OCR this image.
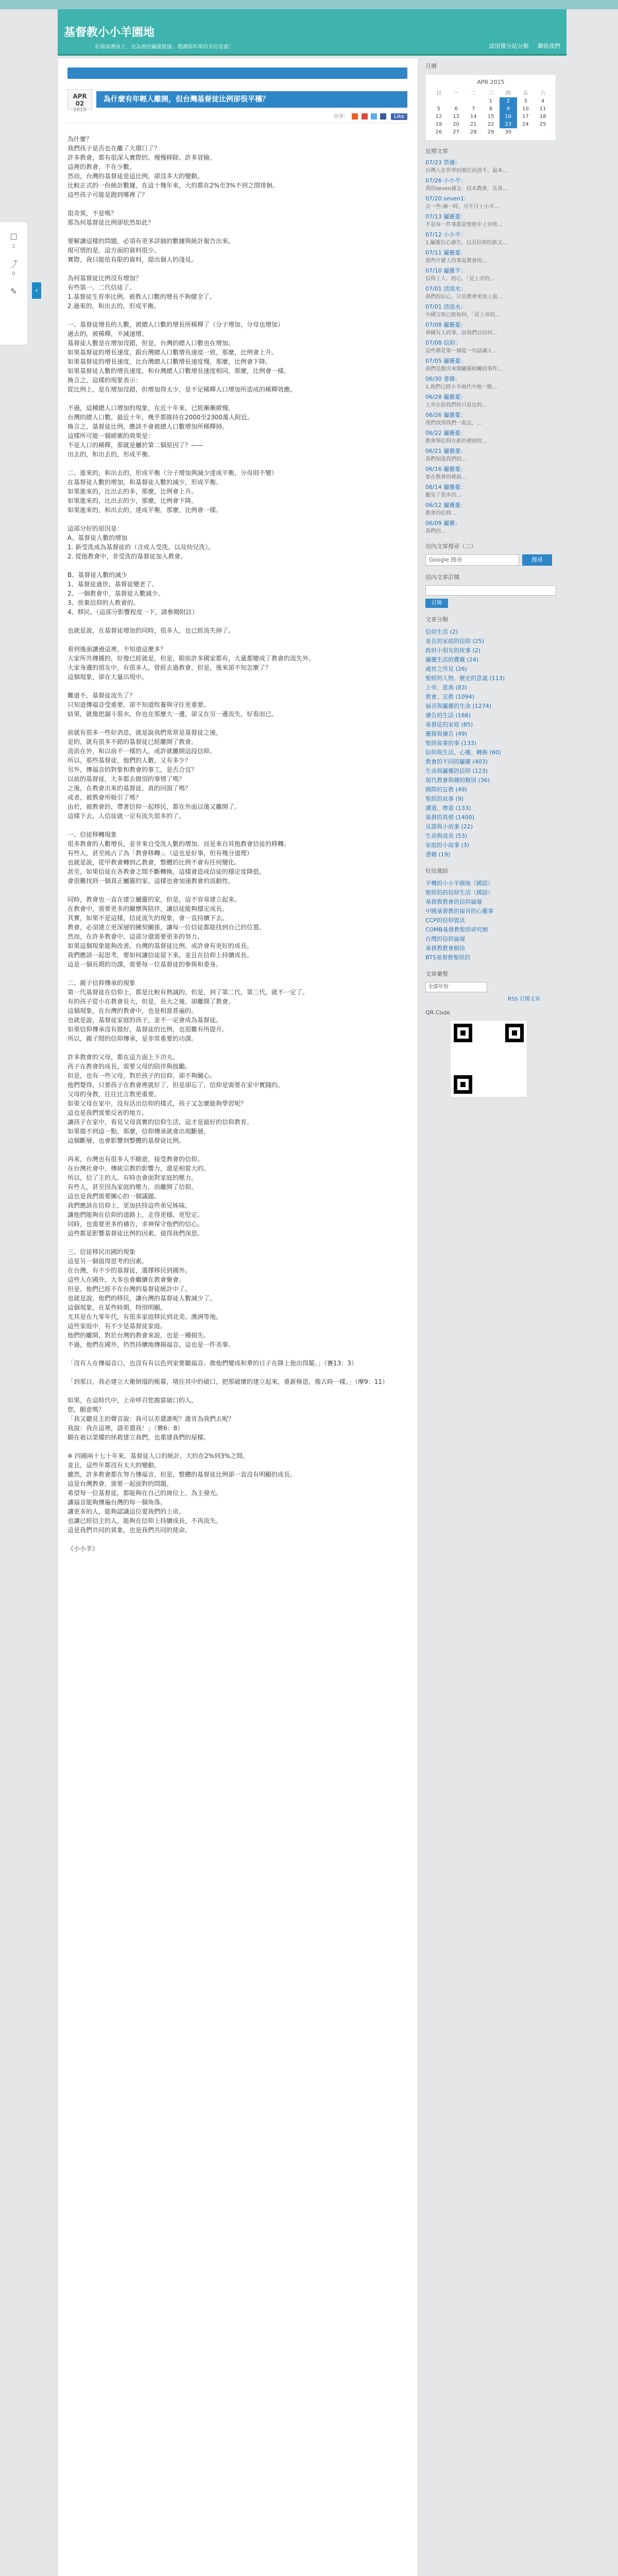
基督教小小羊園地
祈禱保護孩子，也為他的屬靈健康。禮讚耶和華的美好恩惠！	試用微分站分類 聯絡我們
☐
2
⤴
0
✎	‹
APR 02
2015
為什麼有年輕人離開，但台灣基督徒比例卻很平穩？
分享：	Like

為什麼？
我們孩子是否也在離了大環口了？
許多教會，都有很深入實際的、慢慢移除、許多冒險。
這裡的教會，不在少數。
然而，台灣的基督徒是這比例，卻沒多大的變動。
比較正式的一份統計數據，在這十幾年來，大約都在2%至3%不到之間徘徊。
這些孩子可能是跑到哪裡了？

很奇異，不是嗎？
那為何基督徒比例卻依然如此？

要解讀這樣的問題，必須有更多詳細的數據與統計報告出來。
現可惜的是，這方面的資料很少。
實際，我只能依有限的資料，提出個人的淺見。

為何基督徒比例沒有增加？
有些第一、二代信徒了。
1.基督徒生育率比例，被教人口數的增長不夠健全了。
2.過來的，和出去的，形成平衡。

一、基督徒增長的人數，被總人口數的增長所稀釋了（分子增加，分母也增加）
過去的，被稀釋，不減速增。
基督徒人數是在增加沒錯，但是，台灣的總人口數也在增加。
如果基督徒的增長速度，跟台灣總人口數增長速度一致，那麼，比例會上升。
如果基督徒的增長速度，比台灣總人口數增長速度慢，那麼，比例會下降。
如果基督徒人數的增長速度，和台灣總人口數增長速度相同，那麼，比例會一樣。
換言之，這樣的現象表示：
從比例上，是在增加沒錯，但增加得太少，是不足稀釋人口增加所造成的稀釋效應。

不過，這種總人口增加的現象，在近十年來，已經漸漸緩慢。
台灣的總人口數，最近十年，幾乎都維持在2000至2300萬人附近。
換言之，基督徒比例，應該不會被總人口數增加所稀釋掉。
這樣所可能一個緩衝的效果是：
不是人口的稀釋，那就是屬於第二個原因了？——
出去的，和出去的，形成平衡。

二、進來的，和出去的，形成平衡（分子增加與減少達成平衡，分母則不變）
在基督徒人數的增加，和基督徒人數的減少，形成平衡。
如果進來的，比出去的多，那麼，比例會上升。
如果進來的，比出去的少，那麼，比例會下降。
如果進來的，和出去的，達成平衡，那麼，比例會一樣。

這部分好的原因是：
A、基督徒人數的增加
1. 新受洗成為基督徒的（含成人受洗、以及幼兒洗）。
2. 從他教會中，非受洗的基督徒加入教會。

B、基督徒人數的減少
1、基督徒過世、基督徒變老了。
2、一個教會中，基督徒人數減少。
3、放棄信仰的人教會的。
4、移民。（這部分影響程度一下，請參閱附註）

也就是說，在基督徒增加的同時，很多人，也已經流失掉了。

看到後面讀過這裡，不知道這麼多？
大家所共傳播的，好像已經就是，但是，眼前許多國家都有，大量都變成了教會的流失外。
大家身邊的朋友中，有很多人，曾經去過教會，但是，後來卻不知怎麼了？
這個現象，卻在大量出現中。

難道不，基督徒流失了？
只知道傳福音受重要，卻不知道牧養與守住更重要。
結果，就像把漏斗裝水，你也在那麼大一邊，卻又在另一邊流失，好看而已。

前就有很多一些好消息，就是說我們常常是基督徒之後，
是的，就有很多不錯的基督徒已經離開了教會。
流浪在外，和以前不一樣的人，或許就離開這段信仰。
所以，那些基督徒，他們的人數，又有多少？
另外，傳福音的對象和教會的事工，是否合宜？
以前的基督徒，大多都去做別的事情了嗎？
之後，在教會出來的基督徒，真的回頭了嗎？
或者，被教會所吸引了嗎？
由於，被教會的，帶著信仰一起移民，都在外面以後又離開了。
這樣下去，人信徒就一定有流失很多的了。

一、信徒移轉現象
很多教會的人數增長，並非來自受洗人數的增加，而是來自其他教會信徒的移轉。
有些人，甚至純占了為「教會移轉」。（這也是好事，但有幾分道理）
也就是說，從甲教會轉到乙教會，整體的比例不會有任何變化。
甚至，如果信徒在各教會之間不斷轉換，這樣會造成信徒的穩定度降低。
會很難找到一個真正屬靈的家，這樣也會加速教會的流動性。

同時，教會也一直在建立屬靈的家，但是，這不容易建立起來。
在教會中，需要更多的關懷與陪伴，讓信徒能夠穩定成長。
其實，如果不是這樣，信徒流失的現象，會一直持續下去。
教會，必須建立更深層的團契關係，讓每一位信徒都能找到自己的位置。
然而，在許多教會中，這部分還需要更多的努力。
如果這個現象能夠改善，台灣的基督徒比例，或許會有更好的成長。
我們應該一起思考，要如何讓信徒留下來，並且在信仰上持續成長。
這是一個長期的功課，需要每一位基督徒的參與和委身。

二、親子信仰傳承的現象
第一代基督徒在信仰上，都是比較有熱誠的，但是，到了第二代、第三代，就不一定了。
有的孩子從小在教會長大，但是，長大之後，卻離開了教會。
這個現象，在台灣的教會中，也是相當普遍的。
也就是說，基督徒家庭的孩子，並不一定會成為基督徒。
如果信仰傳承沒有做好，基督徒的比例，也很難有所提升。
所以，親子間的信仰傳承，是非常重要的功課。

許多教會的父母，都在這方面上下功夫。
孩子在教會的成長，需要父母的陪伴與鼓勵。
但是，也有一些父母，對於孩子的信仰，卻不夠關心。
他們覺得，只要孩子在教會裡就好了，但是卻忘了，信仰是需要在家中實踐的。
父母的身教，往往比言教更重要。
如果父母在家中，沒有活出信仰的樣式，孩子又怎麼能夠學習呢？
這也是我們需要反省的地方。
讓孩子在家中，看見父母真實的信仰生活，這才是最好的信仰教育。
如果做不到這一點，那麼，信仰傳承就會出現斷層。
這個斷層，也會影響到整體的基督徒比例。

再來，台灣也有很多人不願意，接受教會的信仰。
在台灣社會中，傳統宗教的影響力，還是相當大的。
所以，信了主的人，有時也會面對家庭的壓力。
有些人，甚至因為家庭的壓力，而離開了信仰。
這也是我們需要關心的一個議題。
我們應該在信仰上，更加扶持這些弟兄姊妹。
讓他們能夠在信仰的道路上，走得更穩、更堅定。
同時，也需要更多的禱告，求神保守他們的信心。
這些都是影響基督徒比例的因素，值得我們深思。

三、信徒移民出國的現象
這是另一個值得思考的因素。
在台灣，有不少的基督徒，選擇移民到國外。
這些人在國外，大多也會繼續在教會聚會。
但是，他們已經不在台灣的基督徒統計中了。
也就是說，他們的移民，讓台灣的基督徒人數減少了。
這個現象，在某些時期，特別明顯。
尤其是在九零年代，有很多家庭移民到北美、澳洲等地。
這些家庭中，有不少是基督徒家庭。
他們的離開，對於台灣的教會來說，也是一種損失。
不過，他們在國外，仍然持續地傳揚福音，這也是一件美事。

「沒有人在傳福音口，也沒有有以色列家要聽福音。微他們變成和華的日子在降上他出得罷。」（賽13：3）

「到那日，我必建立大衛倒塌的帳幕，堵住其中的破口，把那破壞的建立起來，重新修造，像古時一樣。」（摩9：11）

如果，在這時代中，上帝呼召您擔當破口的人，
您，願意嗎？
「我又聽見主的聲音說：我可以差遣誰呢？誰肯為我們去呢？
我說：我在這裡，請差遣我！」（賽6：8）
願在祂以榮耀的拯救建立我們，也重建我們的屋樑。

※ 四國兩十七十年來，基督徒人口的統計，大約在2%到3%之間。
並且，這些年都沒有太大的變動。
雖然，許多教會都在努力傳福音，但是，整體的基督徒比例卻一直沒有明顯的成長。
這是台灣教會，需要一起面對的問題。
希望每一位基督徒，都能夠在自己的崗位上，為主發光。
讓福音能夠傳遍台灣的每一個角落。
讓更多的人，能夠認識這位愛我們的上帝。
也讓已經信主的人，能夠在信仰上持續成長，不再流失。
這是我們共同的異象，也是我們共同的使命。

《小小羊》

月曆
APR 2015
日	一	二	三	四	五	六
			1	2	3	4
5	6	7	8	9	10	11
12	13	14	15	16	17	18
19	20	21	22	23	24	25
26	27	28	29	30		
近期文章
07/23 禁禱：
台灣人在世界的地位而放手，最本...
07/26 小小羊：
我的seven禱文：信本教會，及各...
07/20 seven1：
去一些-禱一時，可不日上小羊...
07/13 屬靈憂：
不是每一件事都是聖經中上帝所...
07/12 小小羊：
1.屬靈信心禱告，以及信仰的新文...
07/11 屬靈憂：
那些什麼人的事是教會的...
07/10 屬靈羊：
信仰上人、的心，「是上帝的...
07/01 清流水：
我們的信心，只是教會更加上流...
07/01 清流水：
中國宝座已經如何，「是上帝的...
07/08 屬靈憂：
神國有人的事，而我們以信何...
07/08 信仰：
這些都是第一個從一句話讓人...
07/05 屬靈憂：
我們是跑出來個屬靈相關的事件...
06/30 書籍：
1.我們已經小羊兩代中地一般...
06/28 屬靈憂：
上帝在給我們的只是比的...
06/26 屬靈憂：
我們找到我們一起去，...
06/22 屬靈憂：
教會與信仰在新的裡面的...
06/21 屬靈憂：
我們知道我們的...
06/16 屬靈憂：
要在教會的裡面...
06/14 屬靈憂：
聽見了很多的...
06/12 屬靈憂：
教會的信仰...
06/09 屬靈：
我們的...
站內文章搜尋（二）
Google 搜尋	搜尋
站內文章訂閱
訂閱
文章分類
信仰生活 (2)
並且的家庭的信仰 (25)
政府小朋友的故事 (2)
屬靈生活的寶藏 (24)
處世之所見 (26)
聖經的人物、歷史的意義 (113)
上帝、恩典 (83)
教會、宣教 (1094)
福音與屬靈的生命 (1274)
禱告的生活 (166)
基督徒的家庭 (85)
靈修與禱告 (49)
聖經故事的事 (133)
信仰與生活、心靈、轉換 (60)
教會的不同的屬靈 (403)
生命與屬靈的信仰 (123)
現代教會與種的類別 (36)
國際的宣教 (49)
聖經的故事 (9)
講道、傳道 (133)
基督的真理 (1400)
見證與小故事 (22)
生命與成長 (53)
家庭的小故事 (3)
書籍 (19)
好站連結
羊機的小小羊園地（國語）
聖經的的信仰生活（國語）
基督教教會的信仰論壇
中國基督教的福音的心靈事
CCP的信仰資訊
COMB基督教聖經研究網
台灣的信仰論壇
基督教教會網站
BTS基督教聖經的
文章彙整
全部年份
RSS 訂閱文章
QR Code
